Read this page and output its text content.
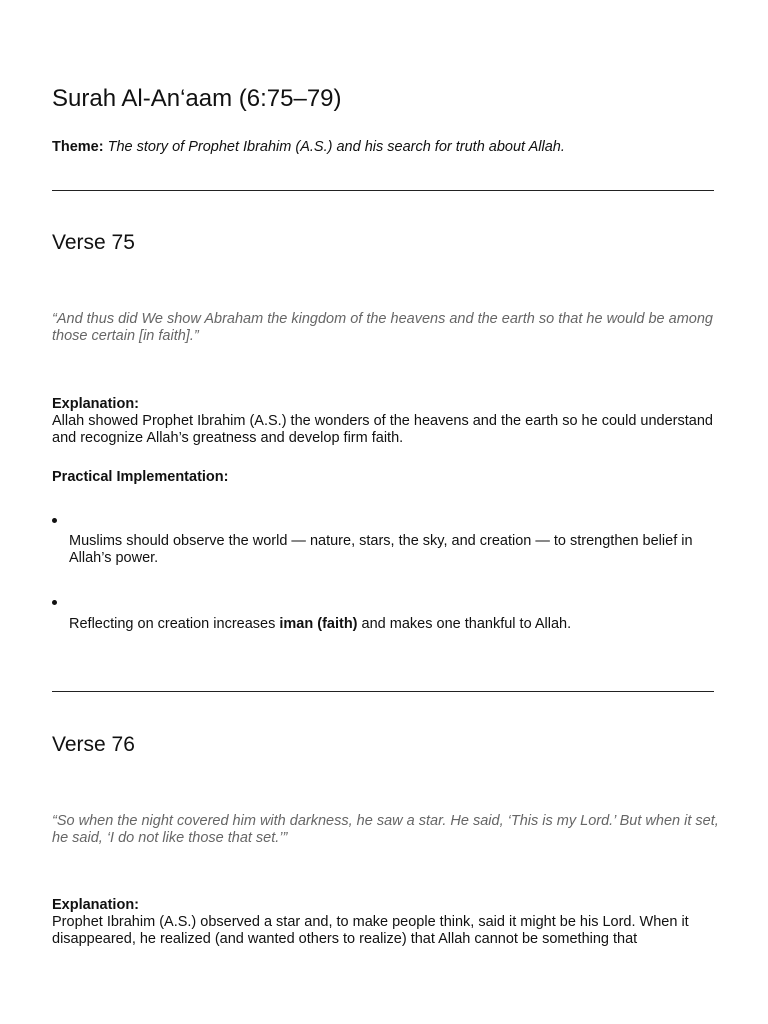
Surah Al-An‘aam (6:75–79)

Theme: The story of Prophet Ibrahim (A.S.) and his search for truth about Allah.

Verse 75

“And thus did We show Abraham the kingdom of the heavens and the earth so that he would be among those certain [in faith].”

Explanation:
Allah showed Prophet Ibrahim (A.S.) the wonders of the heavens and the earth so he could understand and recognize Allah’s greatness and develop firm faith.

Practical Implementation:

Muslims should observe the world — nature, stars, the sky, and creation — to strengthen belief in Allah’s power.

Reflecting on creation increases iman (faith) and makes one thankful to Allah.

Verse 76

“So when the night covered him with darkness, he saw a star. He said, ‘This is my Lord.’ But when it set, he said, ‘I do not like those that set.’”

Explanation:
Prophet Ibrahim (A.S.) observed a star and, to make people think, said it might be his Lord. When it disappeared, he realized (and wanted others to realize) that Allah cannot be something that
